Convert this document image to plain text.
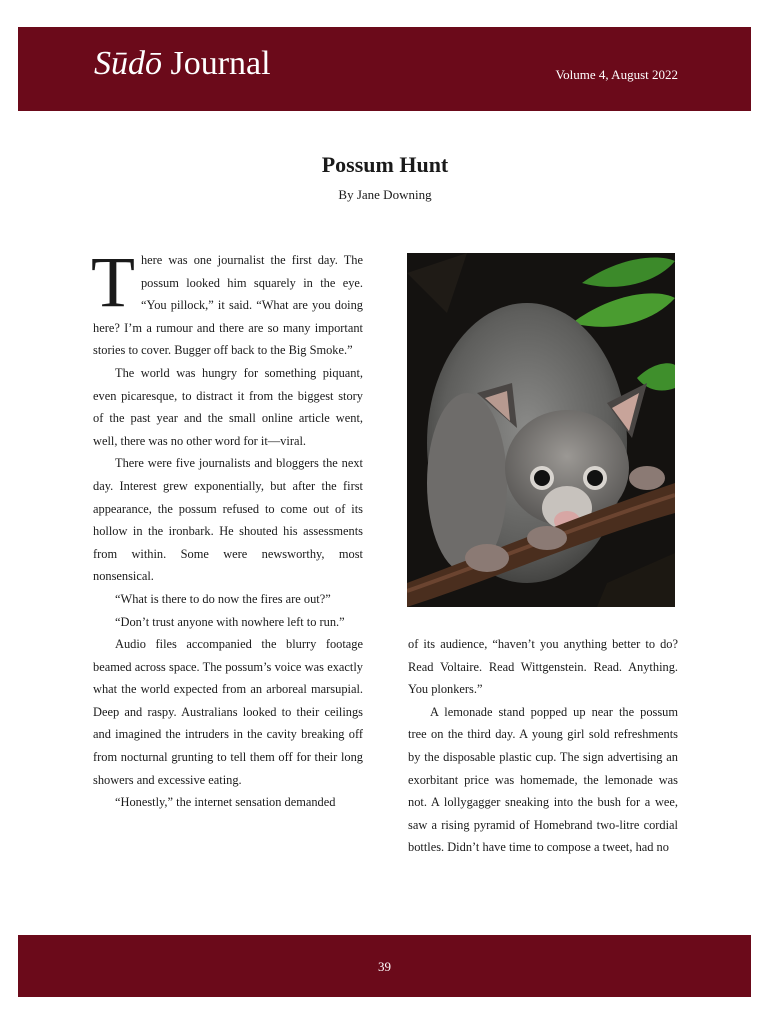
Sūdō Journal	Volume 4, August 2022
Possum Hunt
By Jane Downing

There was one journalist the first day. The possum looked him squarely in the eye. “You pillock,” it said. “What are you doing here? I’m a rumour and there are so many important stories to cover. Bugger off back to the Big Smoke.”

The world was hungry for something piquant, even picaresque, to distract it from the biggest story of the past year and the small online article went, well, there was no other word for it—viral.

There were five journalists and bloggers the next day. Interest grew exponentially, but after the first appearance, the possum refused to come out of its hollow in the ironbark. He shouted his assessments from within. Some were newsworthy, most nonsensical.

“What is there to do now the fires are out?”

“Don’t trust anyone with nowhere left to run.”

Audio files accompanied the blurry footage beamed across space. The possum’s voice was exactly what the world expected from an arboreal marsupial. Deep and raspy. Australians looked to their ceilings and imagined the intruders in the cavity breaking off from nocturnal grunting to tell them off for their long showers and excessive eating.

“Honestly,” the internet sensation demanded

of its audience, “haven’t you anything better to do? Read Voltaire. Read Wittgenstein. Read. Anything. You plonkers.”

A lemonade stand popped up near the possum tree on the third day. A young girl sold refreshments by the disposable plastic cup. The sign advertising an exorbitant price was homemade, the lemonade was not. A lollygagger sneaking into the bush for a wee, saw a rising pyramid of Homebrand two-litre cordial bottles. Didn’t have time to compose a tweet, had no

39
